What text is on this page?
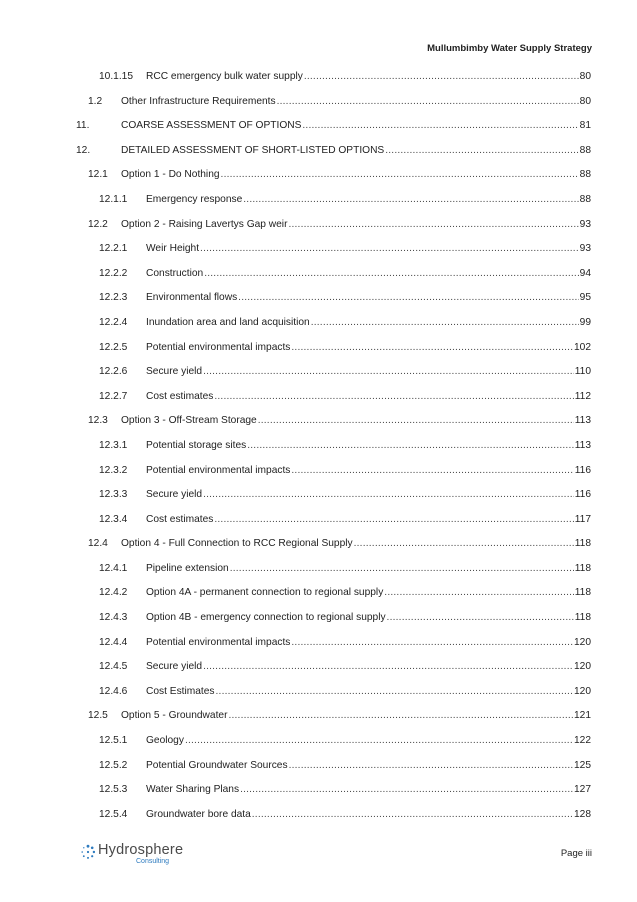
Mullumbimby Water Supply Strategy
10.1.15 RCC emergency bulk water supply .....	80
1.2 Other Infrastructure Requirements .....	80
11.	COARSE ASSESSMENT OF OPTIONS .....	81
12.	DETAILED ASSESSMENT OF SHORT-LISTED OPTIONS .....	88
12.1 Option 1 - Do Nothing .....	88
12.1.1 Emergency response .....	88
12.2 Option 2 - Raising Lavertys Gap weir .....	93
12.2.1 Weir Height .....	93
12.2.2 Construction .....	94
12.2.3 Environmental flows .....	95
12.2.4 Inundation area and land acquisition .....	99
12.2.5 Potential environmental impacts .....	102
12.2.6 Secure yield .....	110
12.2.7 Cost estimates .....	112
12.3 Option 3 - Off-Stream Storage .....	113
12.3.1 Potential storage sites .....	113
12.3.2 Potential environmental impacts .....	116
12.3.3 Secure yield .....	116
12.3.4 Cost estimates .....	117
12.4 Option 4 - Full Connection to RCC Regional Supply .....	118
12.4.1 Pipeline extension .....	118
12.4.2 Option 4A - permanent connection to regional supply .....	118
12.4.3 Option 4B - emergency connection to regional supply .....	118
12.4.4 Potential environmental impacts .....	120
12.4.5 Secure yield .....	120
12.4.6 Cost Estimates .....	120
12.5 Option 5 - Groundwater .....	121
12.5.1 Geology .....	122
12.5.2 Potential Groundwater Sources .....	125
12.5.3 Water Sharing Plans .....	127
12.5.4 Groundwater bore data .....	128
Hydrosphere
Consulting
Page iii
